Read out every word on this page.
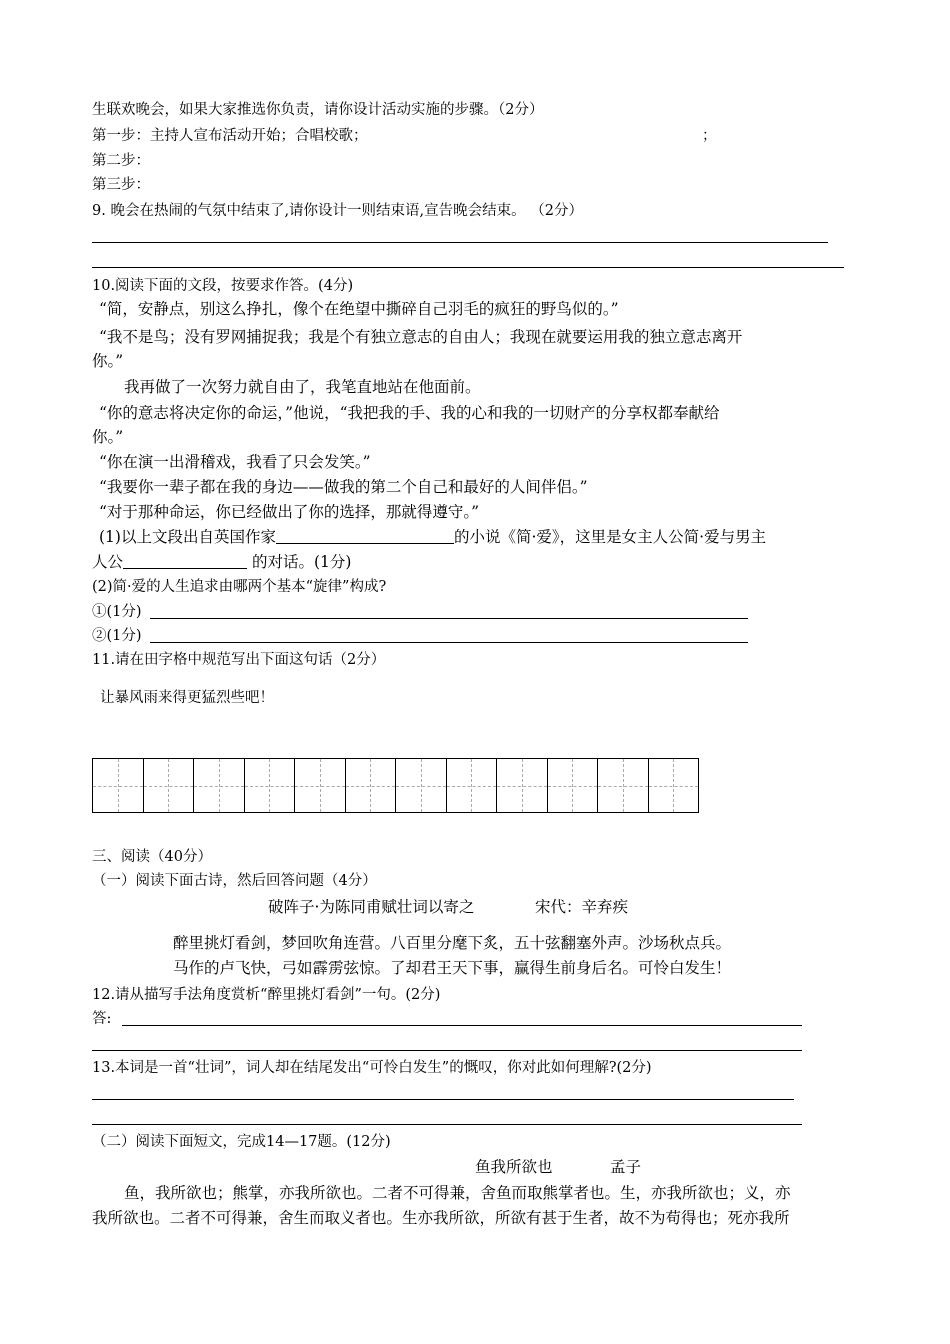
生联欢晚会，如果大家推选你负责，请你设计活动实施的步骤。（2分）
第一步：主持人宣布活动开始；合唱校歌；	；
第二步：
第三步：
9. 晚会在热闹的气氛中结束了,请你设计一则结束语,宣告晚会结束。 （2分）
10.阅读下面的文段，按要求作答。(4分)
“简，安静点，别这么挣扎，像个在绝望中撕碎自己羽毛的疯狂的野鸟似的。”
“我不是鸟；没有罗网捕捉我；我是个有独立意志的自由人；我现在就要运用我的独立意志离开
你。”
我再做了一次努力就自由了，我笔直地站在他面前。
“你的意志将决定你的命运，”他说，“我把我的手、我的心和我的一切财产的分享权都奉献给
你。”
“你在演一出滑稽戏，我看了只会发笑。”
“我要你一辈子都在我的身边——做我的第二个自己和最好的人间伴侣。”
“对于那种命运，你已经做出了你的选择，那就得遵守。”
(1)以上文段出自英国作家	的小说《简·爱》，这里是女主人公简·爱与男主
人公	的对话。(1分)
(2)简·爱的人生追求由哪两个基本“旋律”构成?
①(1分)
②(1分)
11.请在田字格中规范写出下面这句话（2分）
让暴风雨来得更猛烈些吧！
三、阅读（40分）
（一）阅读下面古诗，然后回答问题（4分）
破阵子·为陈同甫赋壮词以寄之	宋代：辛弃疾
醉里挑灯看剑，梦回吹角连营。八百里分麾下炙，五十弦翻塞外声。沙场秋点兵。
马作的卢飞快，弓如霹雳弦惊。了却君王天下事，赢得生前身后名。可怜白发生！
12.请从描写手法角度赏析“醉里挑灯看剑”一句。(2分)
答:
13.本词是一首“壮词”，词人却在结尾发出“可怜白发生”的慨叹，你对此如何理解?(2分)
（二）阅读下面短文，完成14—17题。(12分)
鱼我所欲也	孟子
鱼，我所欲也；熊掌，亦我所欲也。二者不可得兼，舍鱼而取熊掌者也。生，亦我所欲也；义，亦
我所欲也。二者不可得兼，舍生而取义者也。生亦我所欲，所欲有甚于生者，故不为苟得也；死亦我所
